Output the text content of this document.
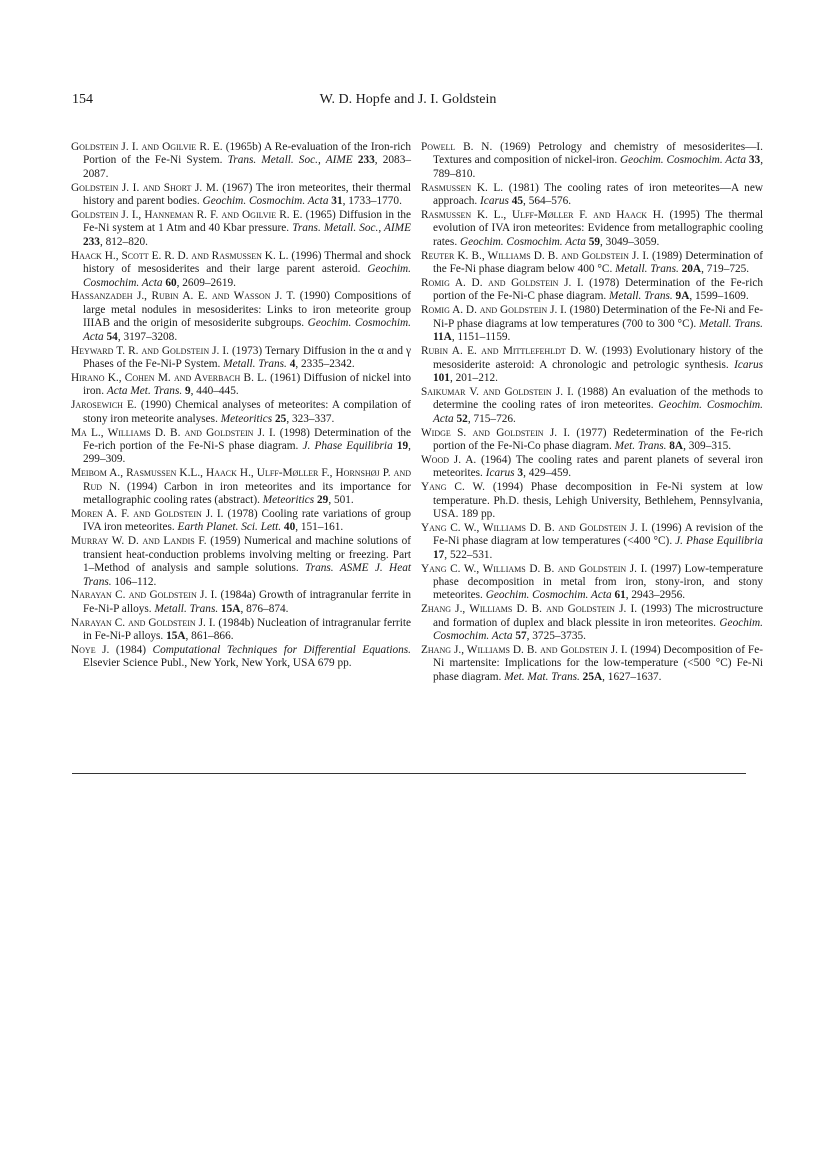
154	W. D. Hopfe and J. I. Goldstein

Goldstein J. I. and Ogilvie R. E. (1965b) A Re-evaluation of the Iron-rich Portion of the Fe-Ni System. Trans. Metall. Soc., AIME 233, 2083–2087.

Goldstein J. I. and Short J. M. (1967) The iron meteorites, their thermal history and parent bodies. Geochim. Cosmochim. Acta 31, 1733–1770.

Goldstein J. I., Hanneman R. F. and Ogilvie R. E. (1965) Diffusion in the Fe-Ni system at 1 Atm and 40 Kbar pressure. Trans. Metall. Soc., AIME 233, 812–820.

Haack H., Scott E. R. D. and Rasmussen K. L. (1996) Thermal and shock history of mesosiderites and their large parent asteroid. Geochim. Cosmochim. Acta 60, 2609–2619.

Hassanzadeh J., Rubin A. E. and Wasson J. T. (1990) Compositions of large metal nodules in mesosiderites: Links to iron meteorite group IIIAB and the origin of mesosiderite subgroups. Geochim. Cosmochim. Acta 54, 3197–3208.

Heyward T. R. and Goldstein J. I. (1973) Ternary Diffusion in the α and γ Phases of the Fe-Ni-P System. Metall. Trans. 4, 2335–2342.

Hirano K., Cohen M. and Averbach B. L. (1961) Diffusion of nickel into iron. Acta Met. Trans. 9, 440–445.

Jarosewich E. (1990) Chemical analyses of meteorites: A compilation of stony iron meteorite analyses. Meteoritics 25, 323–337.

Ma L., Williams D. B. and Goldstein J. I. (1998) Determination of the Fe-rich portion of the Fe-Ni-S phase diagram. J. Phase Equilibria 19, 299–309.

Meibom A., Rasmussen K.L., Haack H., Ulff-Møller F., Hornshøj P. and Rud N. (1994) Carbon in iron meteorites and its importance for metallographic cooling rates (abstract). Meteoritics 29, 501.

Moren A. F. and Goldstein J. I. (1978) Cooling rate variations of group IVA iron meteorites. Earth Planet. Sci. Lett. 40, 151–161.

Murray W. D. and Landis F. (1959) Numerical and machine solutions of transient heat-conduction problems involving melting or freezing. Part 1–Method of analysis and sample solutions. Trans. ASME J. Heat Trans. 106–112.

Narayan C. and Goldstein J. I. (1984a) Growth of intragranular ferrite in Fe-Ni-P alloys. Metall. Trans. 15A, 876–874.

Narayan C. and Goldstein J. I. (1984b) Nucleation of intragranular ferrite in Fe-Ni-P alloys. 15A, 861–866.

Noye J. (1984) Computational Techniques for Differential Equations. Elsevier Science Publ., New York, New York, USA 679 pp.

Powell B. N. (1969) Petrology and chemistry of mesosiderites—I. Textures and composition of nickel-iron. Geochim. Cosmochim. Acta 33, 789–810.

Rasmussen K. L. (1981) The cooling rates of iron meteorites—A new approach. Icarus 45, 564–576.

Rasmussen K. L., Ulff-Møller F. and Haack H. (1995) The thermal evolution of IVA iron meteorites: Evidence from metallographic cooling rates. Geochim. Cosmochim. Acta 59, 3049–3059.

Reuter K. B., Williams D. B. and Goldstein J. I. (1989) Determination of the Fe-Ni phase diagram below 400 °C. Metall. Trans. 20A, 719–725.

Romig A. D. and Goldstein J. I. (1978) Determination of the Fe-rich portion of the Fe-Ni-C phase diagram. Metall. Trans. 9A, 1599–1609.

Romig A. D. and Goldstein J. I. (1980) Determination of the Fe-Ni and Fe-Ni-P phase diagrams at low temperatures (700 to 300 °C). Metall. Trans. 11A, 1151–1159.

Rubin A. E. and Mittlefehldt D. W. (1993) Evolutionary history of the mesosiderite asteroid: A chronologic and petrologic synthesis. Icarus 101, 201–212.

Saikumar V. and Goldstein J. I. (1988) An evaluation of the methods to determine the cooling rates of iron meteorites. Geochim. Cosmochim. Acta 52, 715–726.

Widge S. and Goldstein J. I. (1977) Redetermination of the Fe-rich portion of the Fe-Ni-Co phase diagram. Met. Trans. 8A, 309–315.

Wood J. A. (1964) The cooling rates and parent planets of several iron meteorites. Icarus 3, 429–459.

Yang C. W. (1994) Phase decomposition in Fe-Ni system at low temperature. Ph.D. thesis, Lehigh University, Bethlehem, Pennsylvania, USA. 189 pp.

Yang C. W., Williams D. B. and Goldstein J. I. (1996) A revision of the Fe-Ni phase diagram at low temperatures (<400 °C). J. Phase Equilibria 17, 522–531.

Yang C. W., Williams D. B. and Goldstein J. I. (1997) Low-temperature phase decomposition in metal from iron, stony-iron, and stony meteorites. Geochim. Cosmochim. Acta 61, 2943–2956.

Zhang J., Williams D. B. and Goldstein J. I. (1993) The microstructure and formation of duplex and black plessite in iron meteorites. Geochim. Cosmochim. Acta 57, 3725–3735.

Zhang J., Williams D. B. and Goldstein J. I. (1994) Decomposition of Fe-Ni martensite: Implications for the low-temperature (<500 °C) Fe-Ni phase diagram. Met. Mat. Trans. 25A, 1627–1637.
